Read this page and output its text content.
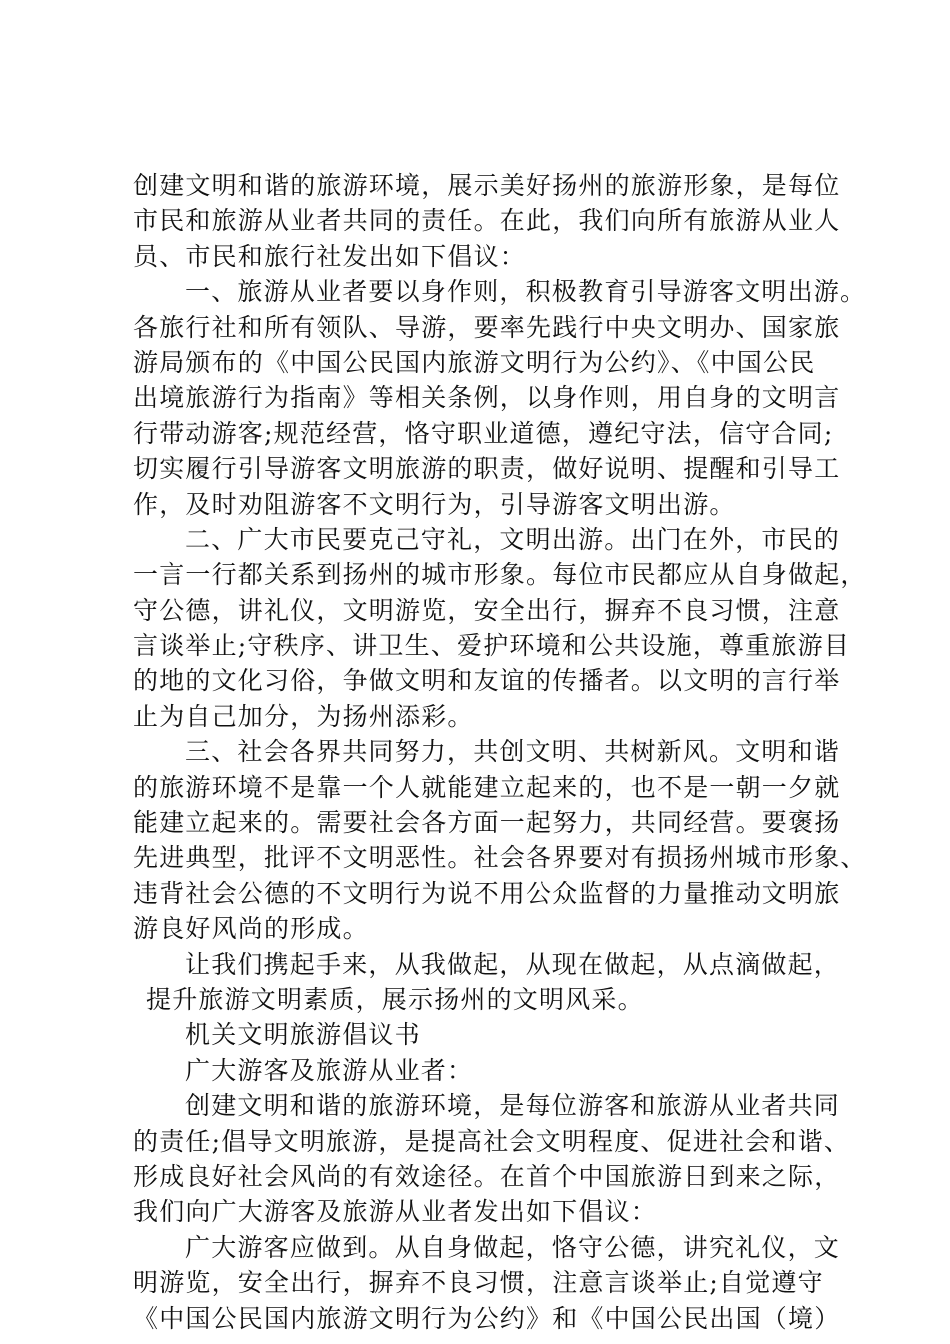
创建文明和谐的旅游环境，展示美好扬州的旅游形象，是每位
市民和旅游从业者共同的责任。在此，我们向所有旅游从业人
员、市民和旅行社发出如下倡议：
一、旅游从业者要以身作则，积极教育引导游客文明出游。
各旅行社和所有领队、导游，要率先践行中央文明办、国家旅
游局颁布的《中国公民国内旅游文明行为公约》、《中国公民
出境旅游行为指南》等相关条例，以身作则，用自身的文明言
行带动游客;规范经营，恪守职业道德，遵纪守法，信守合同;
切实履行引导游客文明旅游的职责，做好说明、提醒和引导工
作，及时劝阻游客不文明行为，引导游客文明出游。
二、广大市民要克己守礼，文明出游。出门在外，市民的
一言一行都关系到扬州的城市形象。每位市民都应从自身做起，
守公德，讲礼仪，文明游览，安全出行，摒弃不良习惯，注意
言谈举止;守秩序、讲卫生、爱护环境和公共设施，尊重旅游目
的地的文化习俗，争做文明和友谊的传播者。以文明的言行举
止为自己加分，为扬州添彩。
三、社会各界共同努力，共创文明、共树新风。文明和谐
的旅游环境不是靠一个人就能建立起来的，也不是一朝一夕就
能建立起来的。需要社会各方面一起努力，共同经营。要褒扬
先进典型，批评不文明恶性。社会各界要对有损扬州城市形象、
违背社会公德的不文明行为说不用公众监督的力量推动文明旅
游良好风尚的形成。
让我们携起手来，从我做起，从现在做起，从点滴做起，
提升旅游文明素质，展示扬州的文明风采。
机关文明旅游倡议书
广大游客及旅游从业者：
创建文明和谐的旅游环境，是每位游客和旅游从业者共同
的责任;倡导文明旅游，是提高社会文明程度、促进社会和谐、
形成良好社会风尚的有效途径。在首个中国旅游日到来之际，
我们向广大游客及旅游从业者发出如下倡议：
广大游客应做到。从自身做起，恪守公德，讲究礼仪，文
明游览，安全出行，摒弃不良习惯，注意言谈举止;自觉遵守
《中国公民国内旅游文明行为公约》和《中国公民出国（境）
